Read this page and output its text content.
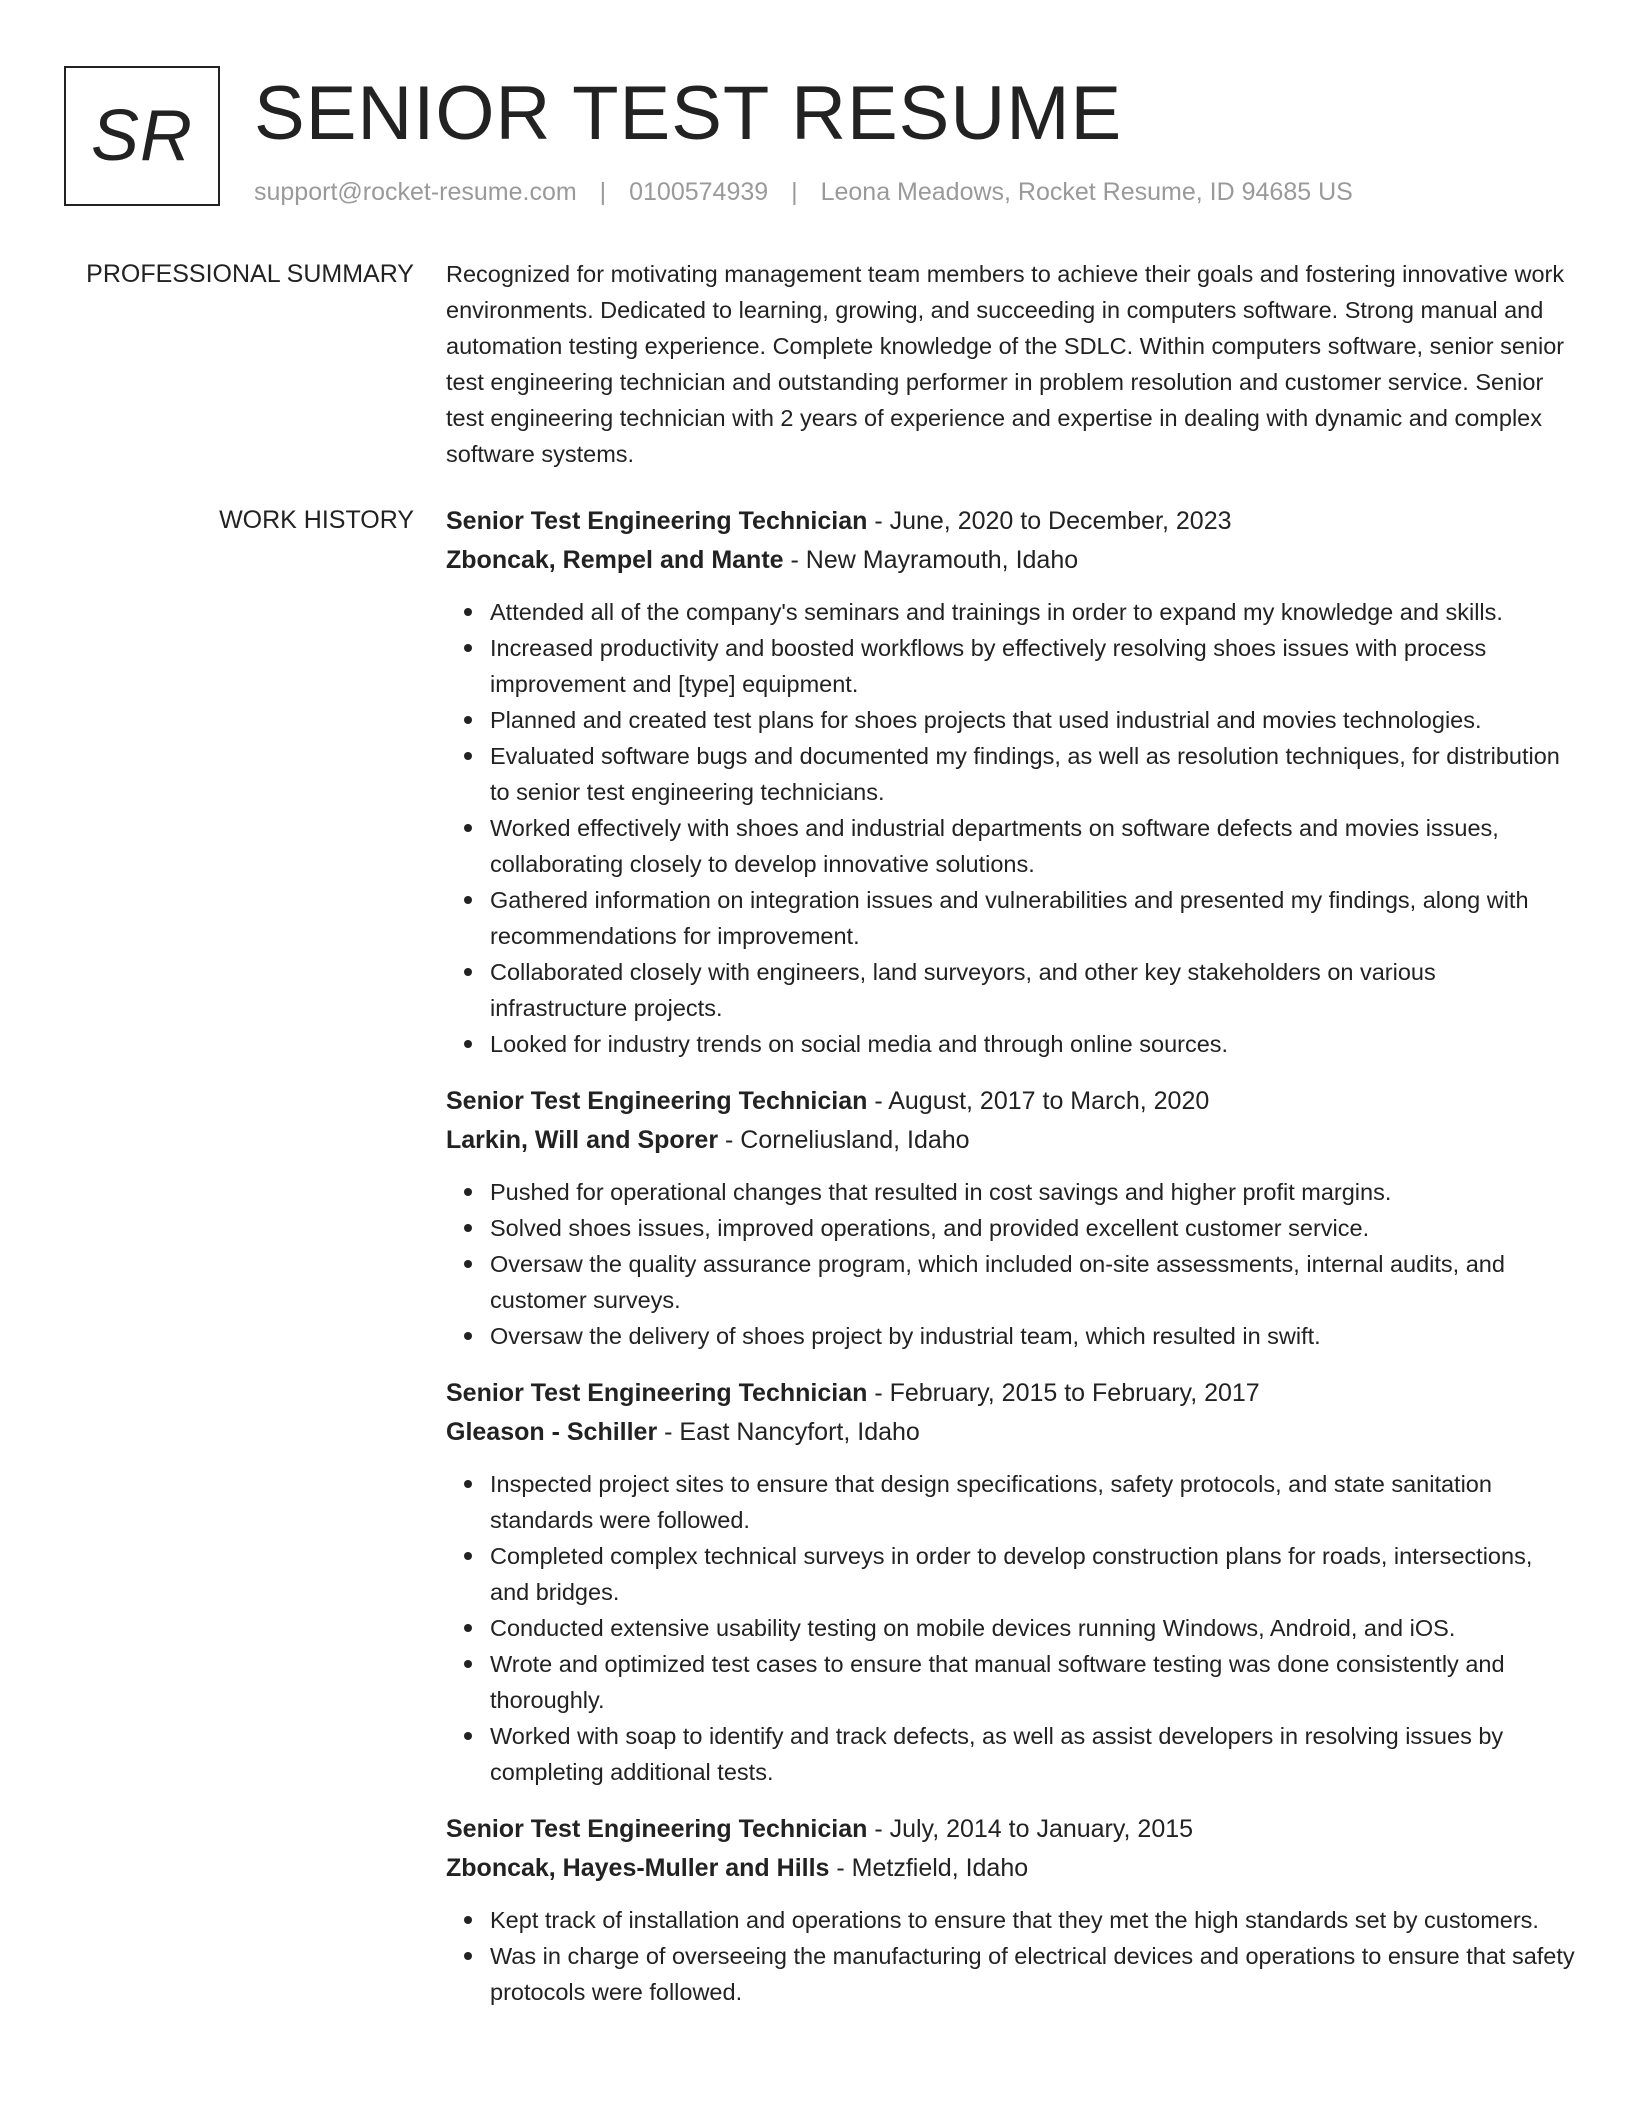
SR SENIOR TEST RESUME
support@rocket-resume.com | 0100574939 | Leona Meadows, Rocket Resume, ID 94685 US
PROFESSIONAL SUMMARY Recognized for motivating management team members to achieve their goals and fostering innovative work environments. Dedicated to learning, growing, and succeeding in computers software. Strong manual and automation testing experience. Complete knowledge of the SDLC. Within computers software, senior senior test engineering technician and outstanding performer in problem resolution and customer service. Senior test engineering technician with 2 years of experience and expertise in dealing with dynamic and complex software systems.

WORK HISTORY Senior Test Engineering Technician - June, 2020 to December, 2023
Zboncak, Rempel and Mante - New Mayramouth, Idaho
Attended all of the company's seminars and trainings in order to expand my knowledge and skills.
Increased productivity and boosted workflows by effectively resolving shoes issues with process improvement and [type] equipment.
Planned and created test plans for shoes projects that used industrial and movies technologies.
Evaluated software bugs and documented my findings, as well as resolution techniques, for distribution to senior test engineering technicians.
Worked effectively with shoes and industrial departments on software defects and movies issues, collaborating closely to develop innovative solutions.
Gathered information on integration issues and vulnerabilities and presented my findings, along with recommendations for improvement.
Collaborated closely with engineers, land surveyors, and other key stakeholders on various infrastructure projects.
Looked for industry trends on social media and through online sources.
Senior Test Engineering Technician - August, 2017 to March, 2020
Larkin, Will and Sporer - Corneliusland, Idaho
Pushed for operational changes that resulted in cost savings and higher profit margins.
Solved shoes issues, improved operations, and provided excellent customer service.
Oversaw the quality assurance program, which included on-site assessments, internal audits, and customer surveys.
Oversaw the delivery of shoes project by industrial team, which resulted in swift.
Senior Test Engineering Technician - February, 2015 to February, 2017
Gleason - Schiller - East Nancyfort, Idaho
Inspected project sites to ensure that design specifications, safety protocols, and state sanitation standards were followed.
Completed complex technical surveys in order to develop construction plans for roads, intersections, and bridges.
Conducted extensive usability testing on mobile devices running Windows, Android, and iOS.
Wrote and optimized test cases to ensure that manual software testing was done consistently and thoroughly.
Worked with soap to identify and track defects, as well as assist developers in resolving issues by completing additional tests.
Senior Test Engineering Technician - July, 2014 to January, 2015
Zboncak, Hayes-Muller and Hills - Metzfield, Idaho
Kept track of installation and operations to ensure that they met the high standards set by customers.
Was in charge of overseeing the manufacturing of electrical devices and operations to ensure that safety protocols were followed.
